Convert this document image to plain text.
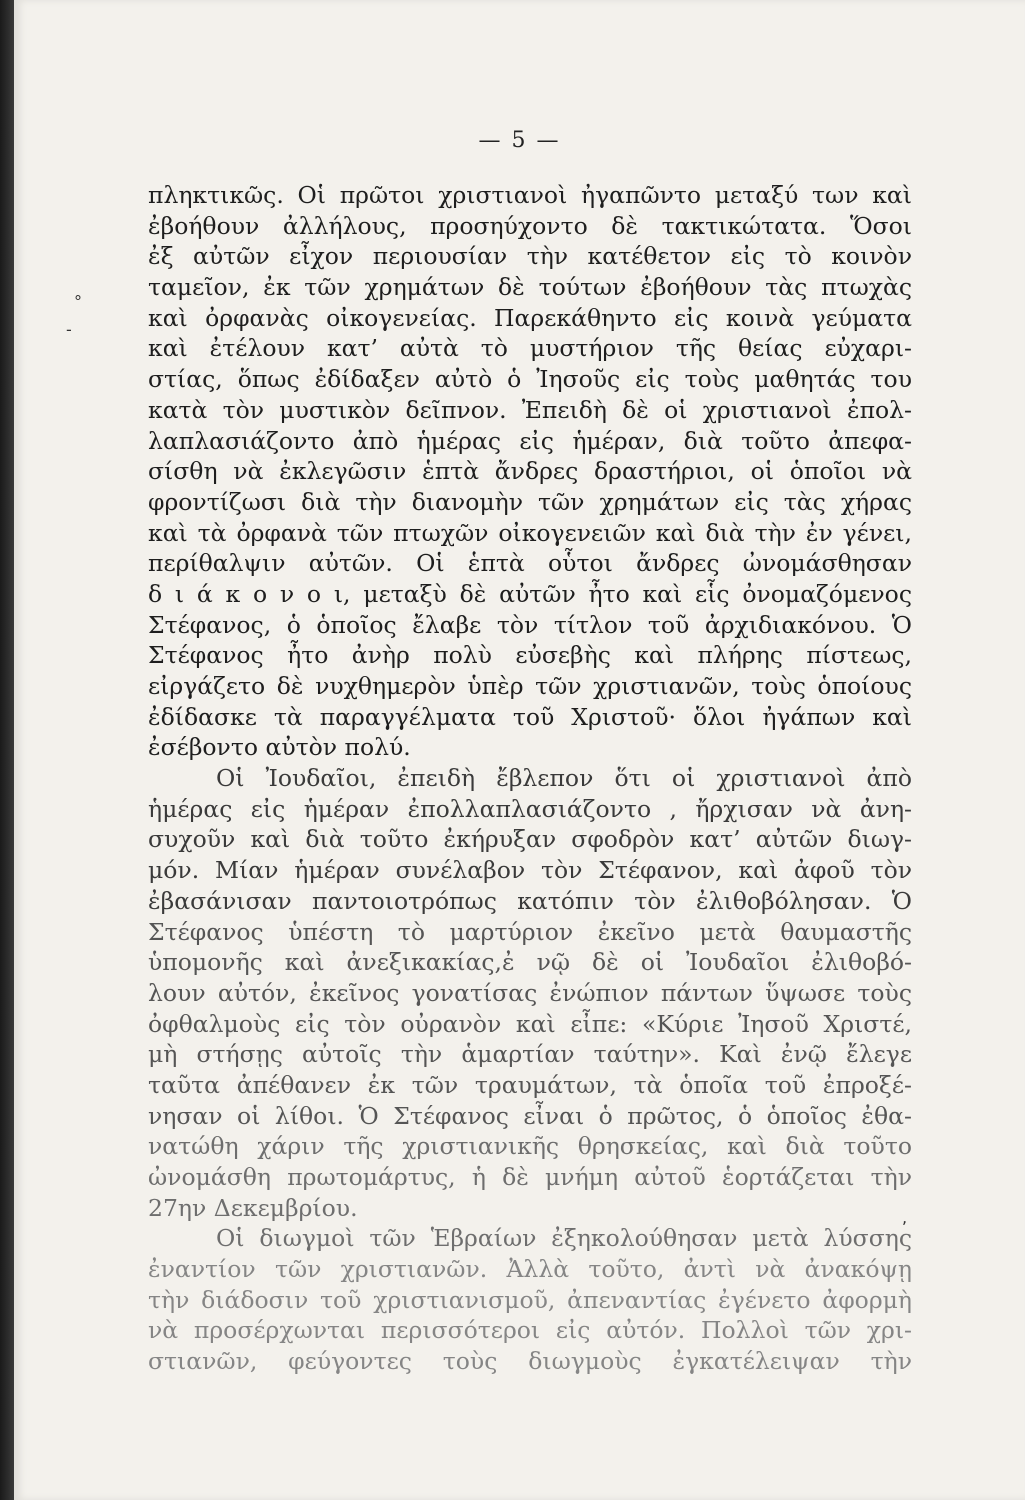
— 5 —
πληκτικῶς. Οἱ πρῶτοι χριστιανοὶ ἠγαπῶντο μεταξύ των καὶ
ἐβοήθουν ἀλλήλους, προσηύχοντο δὲ τακτικώτατα. Ὅσοι
ἐξ αὐτῶν εἶχον περιουσίαν τὴν κατέθετον εἰς τὸ κοινὸν
ταμεῖον, ἐκ τῶν χρημάτων δὲ τούτων ἐβοήθουν τὰς πτωχὰς
καὶ ὀρφανὰς οἰκογενείας. Παρεκάθηντο εἰς κοινὰ γεύματα
καὶ ἐτέλουν κατ’ αὐτὰ τὸ μυστήριον τῆς θείας εὐχαρι-
στίας, ὅπως ἐδίδαξεν αὐτὸ ὁ Ἰησοῦς εἰς τοὺς μαθητάς του
κατὰ τὸν μυστικὸν δεῖπνον. Ἐπειδὴ δὲ οἱ χριστιανοὶ ἐπολ-
λαπλασιάζοντο ἀπὸ ἡμέρας εἰς ἡμέραν, διὰ τοῦτο ἀπεφα-
σίσθη νὰ ἐκλεγῶσιν ἑπτὰ ἄνδρες δραστήριοι, οἱ ὁποῖοι νὰ
φροντίζωσι διὰ τὴν διανομὴν τῶν χρημάτων εἰς τὰς χήρας
καὶ τὰ ὀρφανὰ τῶν πτωχῶν οἰκογενειῶν καὶ διὰ τὴν ἐν γένει,
περίθαλψιν αὐτῶν. Οἱ ἑπτὰ οὗτοι ἄνδρες ὠνομάσθησαν
δ ι ά κ ο ν ο ι, μεταξὺ δὲ αὐτῶν ἦτο καὶ εἷς ὀνομαζόμενος
Στέφανος, ὁ ὁποῖος ἔλαβε τὸν τίτλον τοῦ ἀρχιδιακόνου. Ὁ
Στέφανος ἦτο ἀνὴρ πολὺ εὐσεβὴς καὶ πλήρης πίστεως,
εἰργάζετο δὲ νυχθημερὸν ὑπὲρ τῶν χριστιανῶν, τοὺς ὁποίους
ἐδίδασκε τὰ παραγγέλματα τοῦ Χριστοῦ· ὅλοι ἠγάπων καὶ
ἐσέβοντο αὐτὸν πολύ.
Οἱ Ἰουδαῖοι, ἐπειδὴ ἔβλεπον ὅτι οἱ χριστιανοὶ ἀπὸ
ἡμέρας εἰς ἡμέραν ἐπολλαπλασιάζοντο , ἤρχισαν νὰ ἀνη-
συχοῦν καὶ διὰ τοῦτο ἐκήρυξαν σφοδρὸν κατ’ αὐτῶν διωγ-
μόν. Μίαν ἡμέραν συνέλαβον τὸν Στέφανον, καὶ ἀφοῦ τὸν
ἐβασάνισαν παντοιοτρόπως κατόπιν τὸν ἐλιθοβόλησαν. Ὁ
Στέφανος ὑπέστη τὸ μαρτύριον ἐκεῖνο μετὰ θαυμαστῆς
ὑπομονῆς καὶ ἀνεξικακίας,ἐ νῷ δὲ οἱ Ἰουδαῖοι ἐλιθοβό-
λουν αὐτόν, ἐκεῖνος γονατίσας ἐνώπιον πάντων ὕψωσε τοὺς
ὀφθαλμοὺς εἰς τὸν οὐρανὸν καὶ εἶπε: «Κύριε Ἰησοῦ Χριστέ,
μὴ στήσῃς αὐτοῖς τὴν ἁμαρτίαν ταύτην». Καὶ ἐνῷ ἔλεγε
ταῦτα ἀπέθανεν ἐκ τῶν τραυμάτων, τὰ ὁποῖα τοῦ ἐπροξέ-
νησαν οἱ λίθοι. Ὁ Στέφανος εἶναι ὁ πρῶτος, ὁ ὁποῖος ἐθα-
νατώθη χάριν τῆς χριστιανικῆς θρησκείας, καὶ διὰ τοῦτο
ὠνομάσθη πρωτομάρτυς, ἡ δὲ μνήμη αὐτοῦ ἑορτάζεται τὴν
27ην Δεκεμβρίου.
Οἱ διωγμοὶ τῶν Ἑβραίων ἐξηκολούθησαν μετὰ λύσσης
ἐναντίον τῶν χριστιανῶν. Ἀλλὰ τοῦτο, ἀντὶ νὰ ἀνακόψῃ
τὴν διάδοσιν τοῦ χριστιανισμοῦ, ἀπεναντίας ἐγένετο ἀφορμὴ
νὰ προσέρχωνται περισσότεροι εἰς αὐτόν. Πολλοὶ τῶν χρι-
στιανῶν, φεύγοντες τοὺς διωγμοὺς ἐγκατέλειψαν τὴν
°
-
,
